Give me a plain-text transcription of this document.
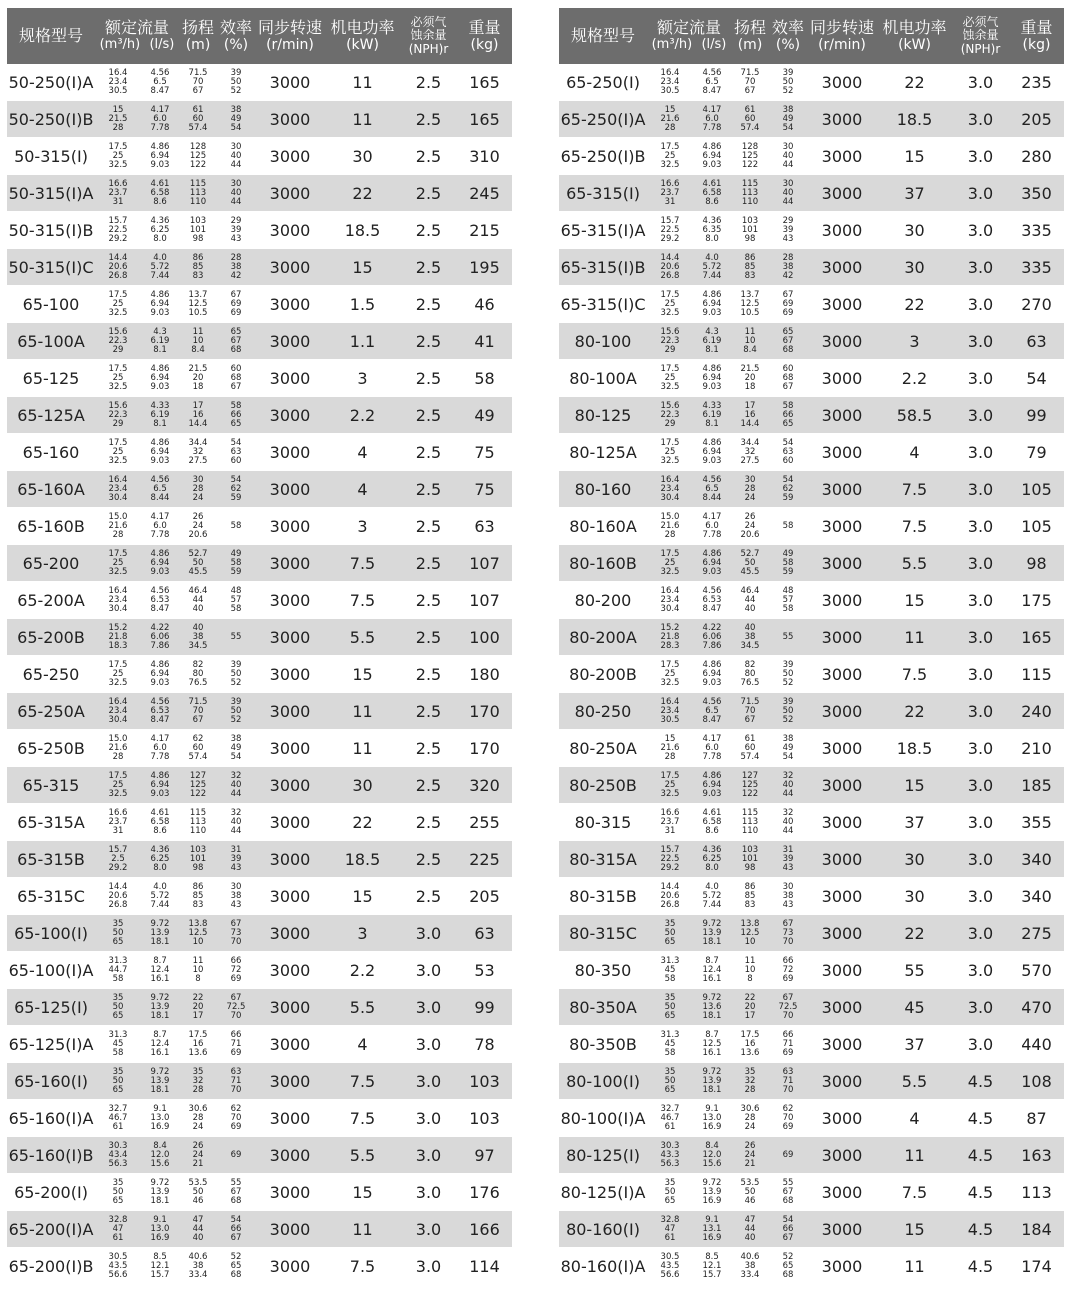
规格型号	额定流量
(m³/h) (l/s)		扬程
(m)	效率
(%)	同步转速
(r/min)	机电功率
(kW)	必须气
蚀余量
(NPH)r	重量
(kg)

50-250(I)A	16.4
23.4
30.5	4.56
6.5
8.47	71.5
70
67	39
50
52	3000	11	2.5	165
50-250(I)B	15
21.5
28	4.17
6.0
7.78	61
60
57.4	38
49
54	3000	11	2.5	165
50-315(I)	17.5
25
32.5	4.86
6.94
9.03	128
125
122	30
40
44	3000	30	2.5	310
50-315(I)A	16.6
23.7
31	4.61
6.58
8.6	115
113
110	30
40
44	3000	22	2.5	245
50-315(I)B	15.7
22.5
29.2	4.36
6.25
8.0	103
101
98	29
39
43	3000	18.5	2.5	215
50-315(I)C	14.4
20.6
26.8	4.0
5.72
7.44	86
85
83	28
38
42	3000	15	2.5	195
65-100	17.5
25
32.5	4.86
6.94
9.03	13.7
12.5
10.5	67
69
69	3000	1.5	2.5	46
65-100A	15.6
22.3
29	4.3
6.19
8.1	11
10
8.4	65
67
68	3000	1.1	2.5	41
65-125	17.5
25
32.5	4.86
6.94
9.03	21.5
20
18	60
68
67	3000	3	2.5	58
65-125A	15.6
22.3
29	4.33
6.19
8.1	17
16
14.4	58
66
65	3000	2.2	2.5	49
65-160	17.5
25
32.5	4.86
6.94
9.03	34.4
32
27.5	54
63
60	3000	4	2.5	75
65-160A	16.4
23.4
30.4	4.56
6.5
8.44	30
28
24	54
62
59	3000	4	2.5	75
65-160B	15.0
21.6
28	4.17
6.0
7.78	26
24
20.6	58	3000	3	2.5	63
65-200	17.5
25
32.5	4.86
6.94
9.03	52.7
50
45.5	49
58
59	3000	7.5	2.5	107
65-200A	16.4
23.4
30.4	4.56
6.53
8.47	46.4
44
40	48
57
58	3000	7.5	2.5	107
65-200B	15.2
21.8
18.3	4.22
6.06
7.86	40
38
34.5	55	3000	5.5	2.5	100
65-250	17.5
25
32.5	4.86
6.94
9.03	82
80
76.5	39
50
52	3000	15	2.5	180
65-250A	16.4
23.4
30.4	4.56
6.53
8.47	71.5
70
67	39
50
52	3000	11	2.5	170
65-250B	15.0
21.6
28	4.17
6.0
7.78	62
60
57.4	38
49
54	3000	11	2.5	170
65-315	17.5
25
32.5	4.86
6.94
9.03	127
125
122	32
40
44	3000	30	2.5	320
65-315A	16.6
23.7
31	4.61
6.58
8.6	115
113
110	32
40
44	3000	22	2.5	255
65-315B	15.7
2.5
29.2	4.36
6.25
8.0	103
101
98	31
39
43	3000	18.5	2.5	225
65-315C	14.4
20.6
26.8	4.0
5.72
7.44	86
85
83	30
38
43	3000	15	2.5	205
65-100(I)	35
50
65	9.72
13.9
18.1	13.8
12.5
10	67
73
70	3000	3	3.0	63
65-100(I)A	31.3
44.7
58	8.7
12.4
16.1	11
10
8	66
72
69	3000	2.2	3.0	53
65-125(I)	35
50
65	9.72
13.9
18.1	22
20
17	67
72.5
70	3000	5.5	3.0	99
65-125(I)A	31.3
45
58	8.7
12.4
16.1	17.5
16
13.6	66
71
69	3000	4	3.0	78
65-160(I)	35
50
65	9.72
13.9
18.1	35
32
28	63
71
70	3000	7.5	3.0	103
65-160(I)A	32.7
46.7
61	9.1
13.0
16.9	30.6
28
24	62
70
69	3000	7.5	3.0	103
65-160(I)B	30.3
43.4
56.3	8.4
12.0
15.6	26
24
21	69	3000	5.5	3.0	97
65-200(I)	35
50
65	9.72
13.9
18.1	53.5
50
46	55
67
68	3000	15	3.0	176
65-200(I)A	32.8
47
61	9.1
13.0
16.9	47
44
40	54
66
67	3000	11	3.0	166
65-200(I)B	30.5
43.5
56.6	8.5
12.1
15.7	40.6
38
33.4	52
65
68	3000	7.5	3.0	114
规格型号	额定流量
(m³/h) (l/s)		扬程
(m)	效率
(%)	同步转速
(r/min)	机电功率
(kW)	必须气
蚀余量
(NPH)r	重量
(kg)

65-250(I)	16.4
23.4
30.5	4.56
6.5
8.47	71.5
70
67	39
50
52	3000	22	3.0	235
65-250(I)A	15
21.6
28	4.17
6.0
7.78	61
60
57.4	38
49
54	3000	18.5	3.0	205
65-250(I)B	17.5
25
32.5	4.86
6.94
9.03	128
125
122	30
40
44	3000	15	3.0	280
65-315(I)	16.6
23.7
31	4.61
6.58
8.6	115
113
110	30
40
44	3000	37	3.0	350
65-315(I)A	15.7
22.5
29.2	4.36
6.35
8.0	103
101
98	29
39
43	3000	30	3.0	335
65-315(I)B	14.4
20.6
26.8	4.0
5.72
7.44	86
85
83	28
38
42	3000	30	3.0	335
65-315(I)C	17.5
25
32.5	4.86
6.94
9.03	13.7
12.5
10.5	67
69
69	3000	22	3.0	270
80-100	15.6
22.3
29	4.3
6.19
8.1	11
10
8.4	65
67
68	3000	3	3.0	63
80-100A	17.5
25
32.5	4.86
6.94
9.03	21.5
20
18	60
68
67	3000	2.2	3.0	54
80-125	15.6
22.3
29	4.33
6.19
8.1	17
16
14.4	58
66
65	3000	58.5	3.0	99
80-125A	17.5
25
32.5	4.86
6.94
9.03	34.4
32
27.5	54
63
60	3000	4	3.0	79
80-160	16.4
23.4
30.4	4.56
6.5
8.44	30
28
24	54
62
59	3000	7.5	3.0	105
80-160A	15.0
21.6
28	4.17
6.0
7.78	26
24
20.6	58	3000	7.5	3.0	105
80-160B	17.5
25
32.5	4.86
6.94
9.03	52.7
50
45.5	49
58
59	3000	5.5	3.0	98
80-200	16.4
23.4
30.4	4.56
6.53
8.47	46.4
44
40	48
57
58	3000	15	3.0	175
80-200A	15.2
21.8
28.3	4.22
6.06
7.86	40
38
34.5	55	3000	11	3.0	165
80-200B	17.5
25
32.5	4.86
6.94
9.03	82
80
76.5	39
50
52	3000	7.5	3.0	115
80-250	16.4
23.4
30.5	4.56
6.5
8.47	71.5
70
67	39
50
52	3000	22	3.0	240
80-250A	15
21.6
28	4.17
6.0
7.78	61
60
57.4	38
49
54	3000	18.5	3.0	210
80-250B	17.5
25
32.5	4.86
6.94
9.03	127
125
122	32
40
44	3000	15	3.0	185
80-315	16.6
23.7
31	4.61
6.58
8.6	115
113
110	32
40
44	3000	37	3.0	355
80-315A	15.7
22.5
29.2	4.36
6.25
8.0	103
101
98	31
39
43	3000	30	3.0	340
80-315B	14.4
20.6
26.8	4.0
5.72
7.44	86
85
83	30
38
43	3000	30	3.0	340
80-315C	35
50
65	9.72
13.9
18.1	13.8
12.5
10	67
73
70	3000	22	3.0	275
80-350	31.3
45
58	8.7
12.4
16.1	11
10
8	66
72
69	3000	55	3.0	570
80-350A	35
50
65	9.72
13.6
18.1	22
20
17	67
72.5
70	3000	45	3.0	470
80-350B	31.3
45
58	8.7
12.5
16.1	17.5
16
13.6	66
71
69	3000	37	3.0	440
80-100(I)	35
50
65	9.72
13.9
18.1	35
32
28	63
71
70	3000	5.5	4.5	108
80-100(I)A	32.7
46.7
61	9.1
13.0
16.9	30.6
28
24	62
70
69	3000	4	4.5	87
80-125(I)	30.3
43.3
56.3	8.4
12.0
15.6	26
24
21	69	3000	11	4.5	163
80-125(I)A	35
50
65	9.72
13.9
16.9	53.5
50
46	55
67
68	3000	7.5	4.5	113
80-160(I)	32.8
47
61	9.1
13.1
16.9	47
44
40	54
66
67	3000	15	4.5	184
80-160(I)A	30.5
43.5
56.6	8.5
12.1
15.7	40.6
38
33.4	52
65
68	3000	11	4.5	174
